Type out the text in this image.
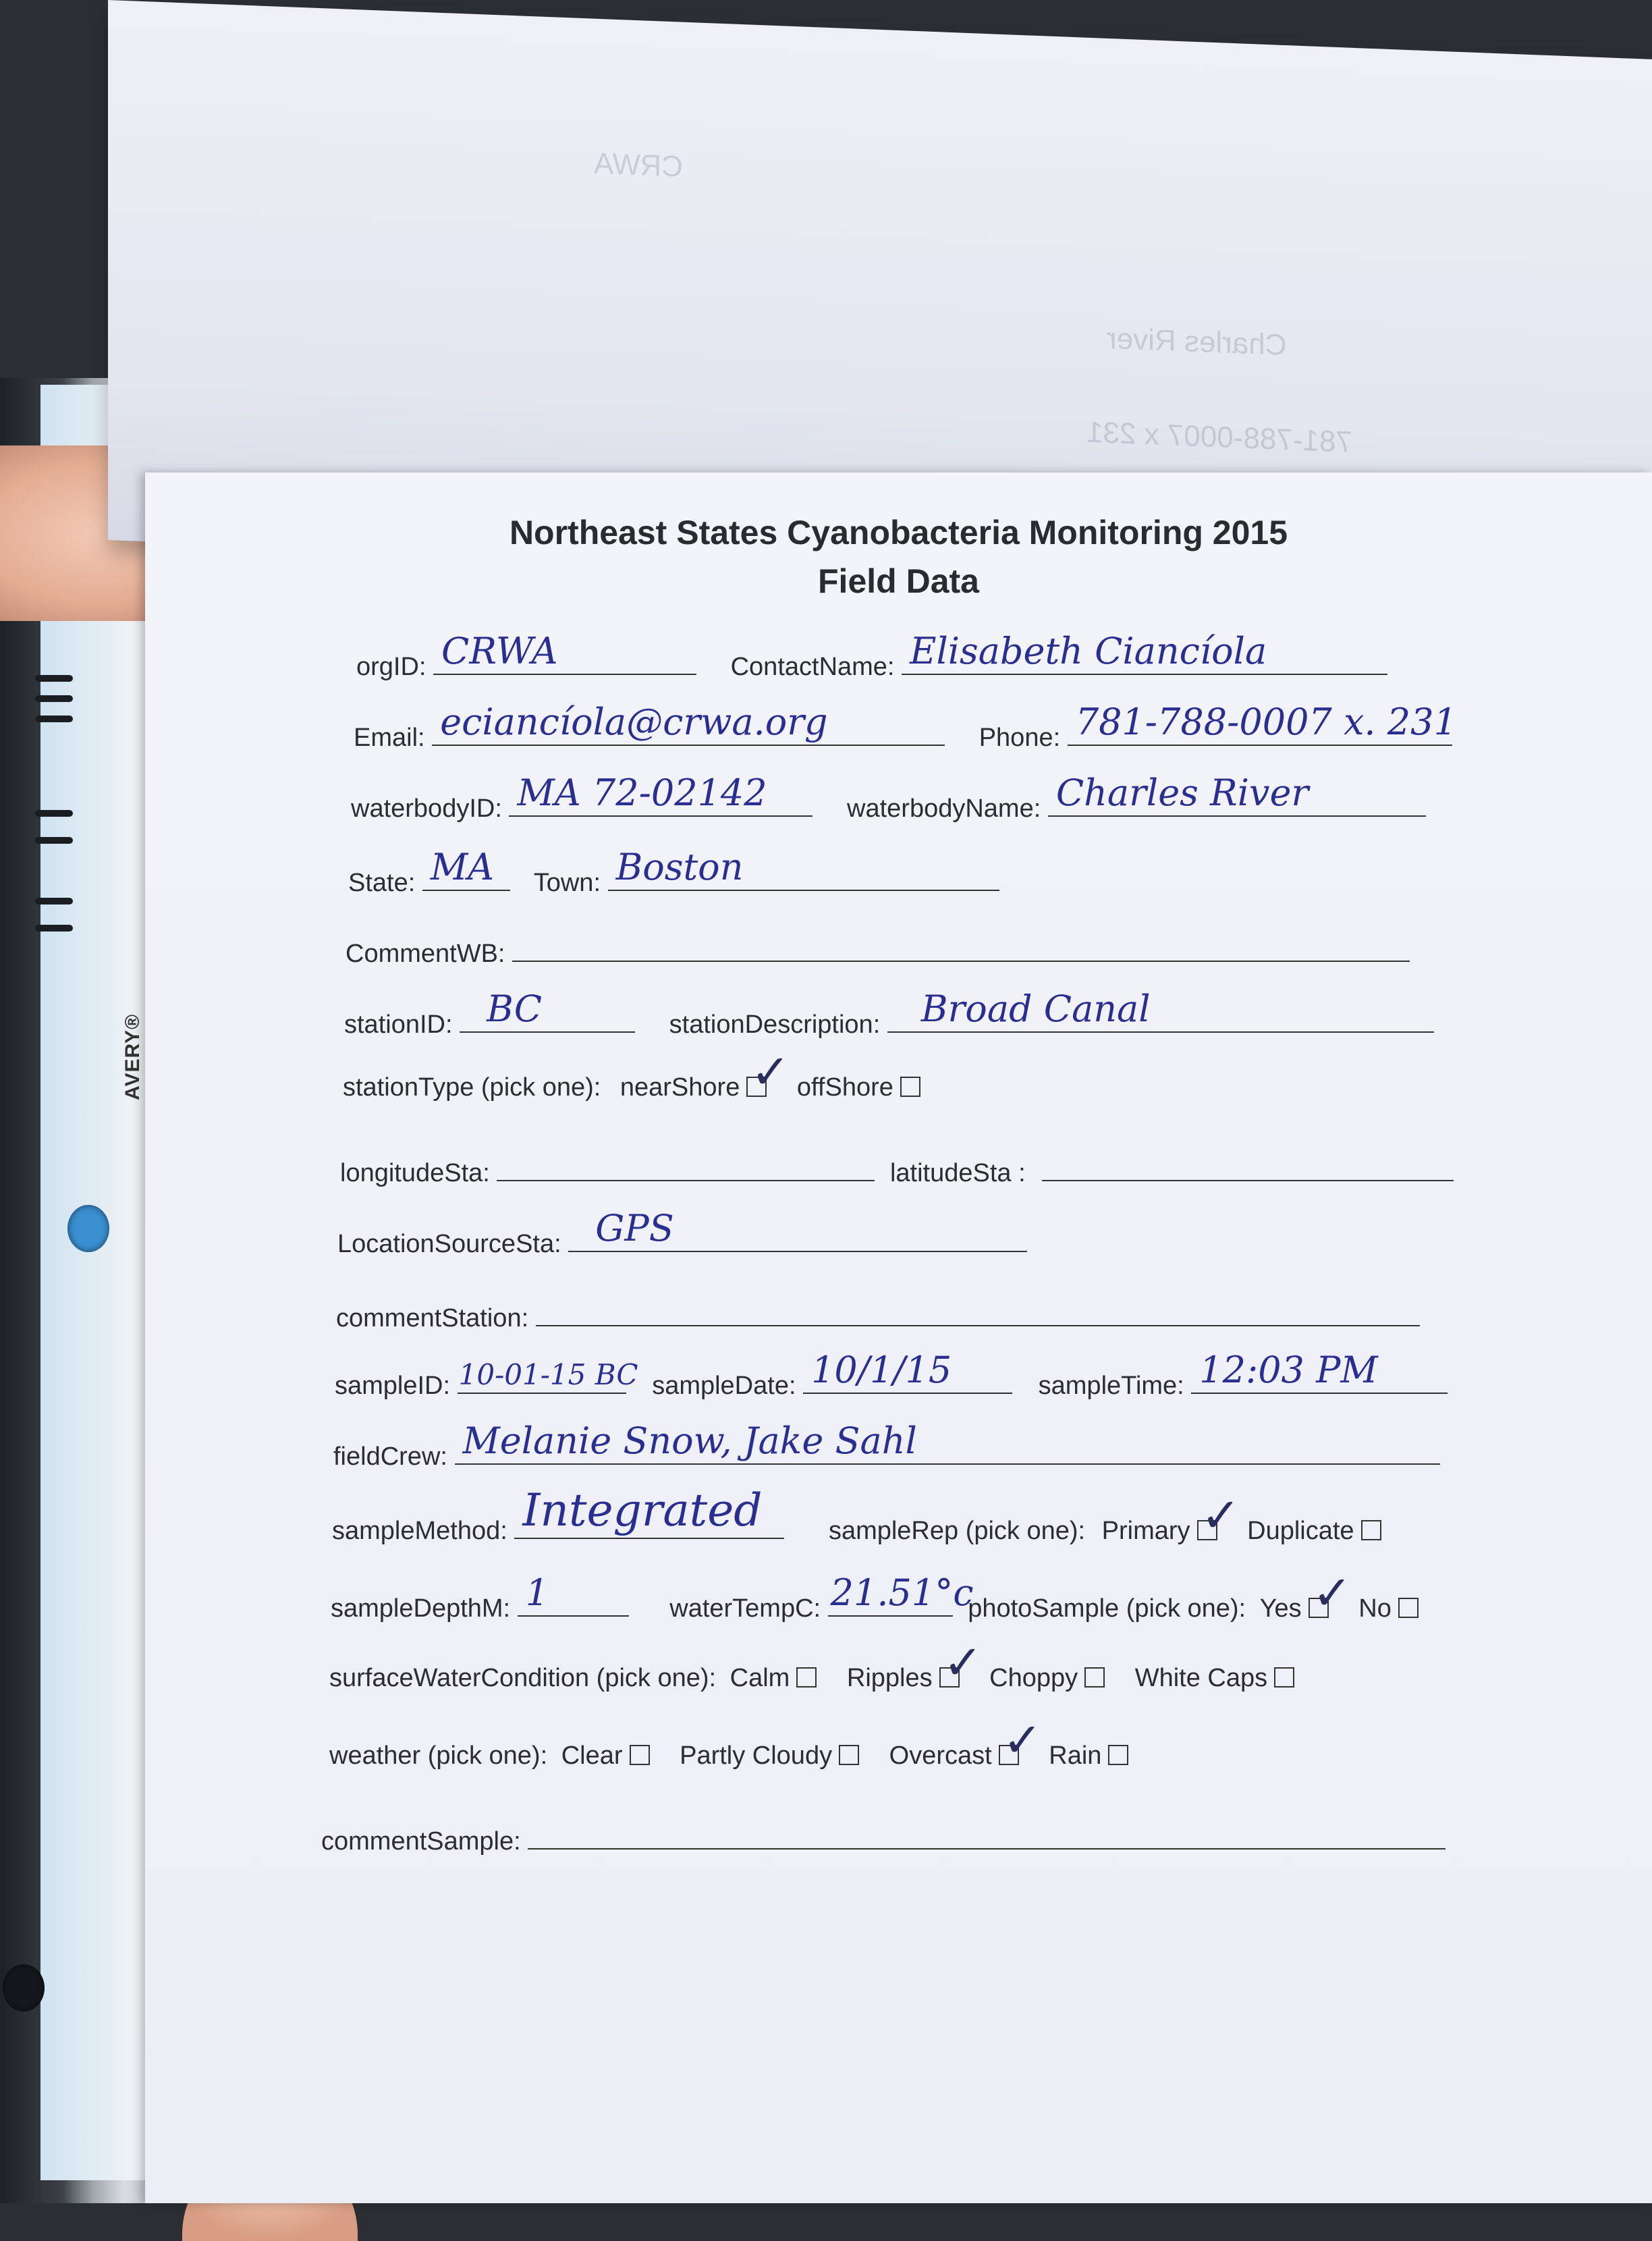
AVERY®
CRWA
Charles River
781-788-0007 x 231
Northeast States Cyanobacteria Monitoring 2015
Field Data
orgID: CRWA	ContactName: Elisabeth Ciancíola
Email: eciancíola@crwa.org	Phone: 781-788-0007 x. 231
waterbodyID: MA 72-02142	waterbodyName: Charles River
State: MA Town: Boston
CommentWB:
stationID: BC	stationDescription: Broad Canal
stationType (pick one): nearShore ✓ offShore
longitudeSta:	latitudeSta :
LocationSourceSta: GPS
commentStation:
sampleID: 10-01-15 BC sampleDate: 10/1/15	sampleTime: 12:03 PM
fieldCrew: Melanie Snow, Jake Sahl
sampleMethod: Integrated	sampleRep (pick one): Primary ✓ Duplicate
sampleDepthM: 1	waterTempC: 21.51°c
photoSample (pick one): Yes ✓ No
surfaceWaterCondition (pick one): Calm Ripples ✓ Choppy White Caps
weather (pick one): Clear Partly Cloudy Overcast ✓ Rain
commentSample:
